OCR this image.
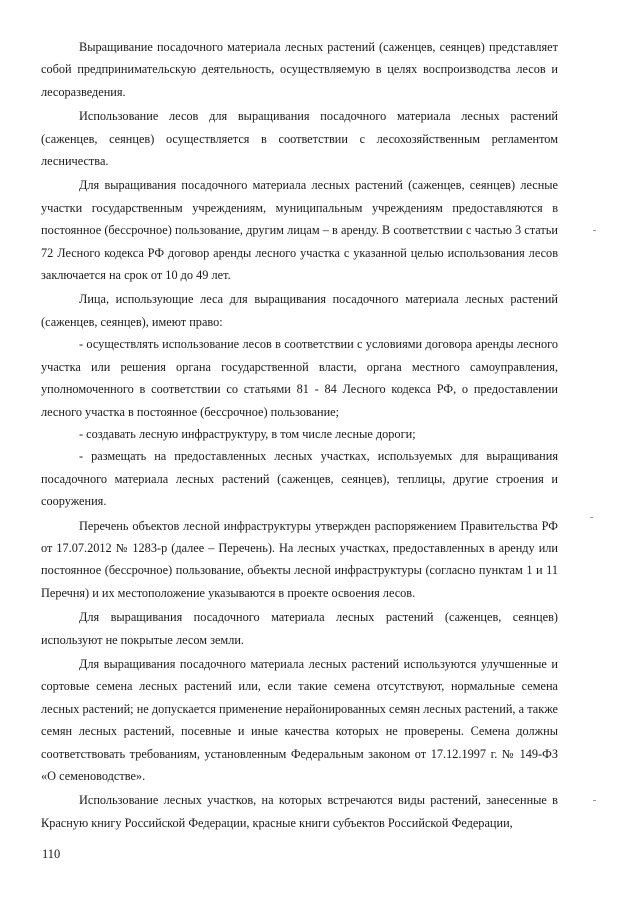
Выращивание посадочного материала лесных растений (саженцев, сеянцев) представляет собой предпринимательскую деятельность, осуществляемую в целях воспроизводства лесов и лесоразведения.

Использование лесов для выращивания посадочного материала лесных растений (саженцев, сеянцев) осуществляется в соответствии с лесохозяйственным регламентом лесничества.

Для выращивания посадочного материала лесных растений (саженцев, сеянцев) лесные участки государственным учреждениям, муниципальным учреждениям предоставляются в постоянное (бессрочное) пользование, другим лицам – в аренду. В соответствии с частью 3 статьи 72 Лесного кодекса РФ договор аренды лесного участка с указанной целью использования лесов заключается на срок от 10 до 49 лет.

Лица, использующие леса для выращивания посадочного материала лесных растений (саженцев, сеянцев), имеют право:

- осуществлять использование лесов в соответствии с условиями договора аренды лесного участка или решения органа государственной власти, органа местного самоуправления, уполномоченного в соответствии со статьями 81 - 84 Лесного кодекса РФ, о предоставлении лесного участка в постоянное (бессрочное) пользование;

- создавать лесную инфраструктуру, в том числе лесные дороги;

- размещать на предоставленных лесных участках, используемых для выращивания посадочного материала лесных растений (саженцев, сеянцев), теплицы, другие строения и сооружения.

Перечень объектов лесной инфраструктуры утвержден распоряжением Правительства РФ от 17.07.2012 № 1283-р (далее – Перечень). На лесных участках, предоставленных в аренду или постоянное (бессрочное) пользование, объекты лесной инфраструктуры (согласно пунктам 1 и 11 Перечня) и их местоположение указываются в проекте освоения лесов.

Для выращивания посадочного материала лесных растений (саженцев, сеянцев) используют не покрытые лесом земли.

Для выращивания посадочного материала лесных растений используются улучшенные и сортовые семена лесных растений или, если такие семена отсутствуют, нормальные семена лесных растений; не допускается применение нерайонированных семян лесных растений, а также семян лесных растений, посевные и иные качества которых не проверены. Семена должны соответствовать требованиям, установленным Федеральным законом от 17.12.1997 г. № 149-ФЗ «О семеноводстве».

Использование лесных участков, на которых встречаются виды растений, занесенные в Красную книгу Российской Федерации, красные книги субъектов Российской Федерации,

110
